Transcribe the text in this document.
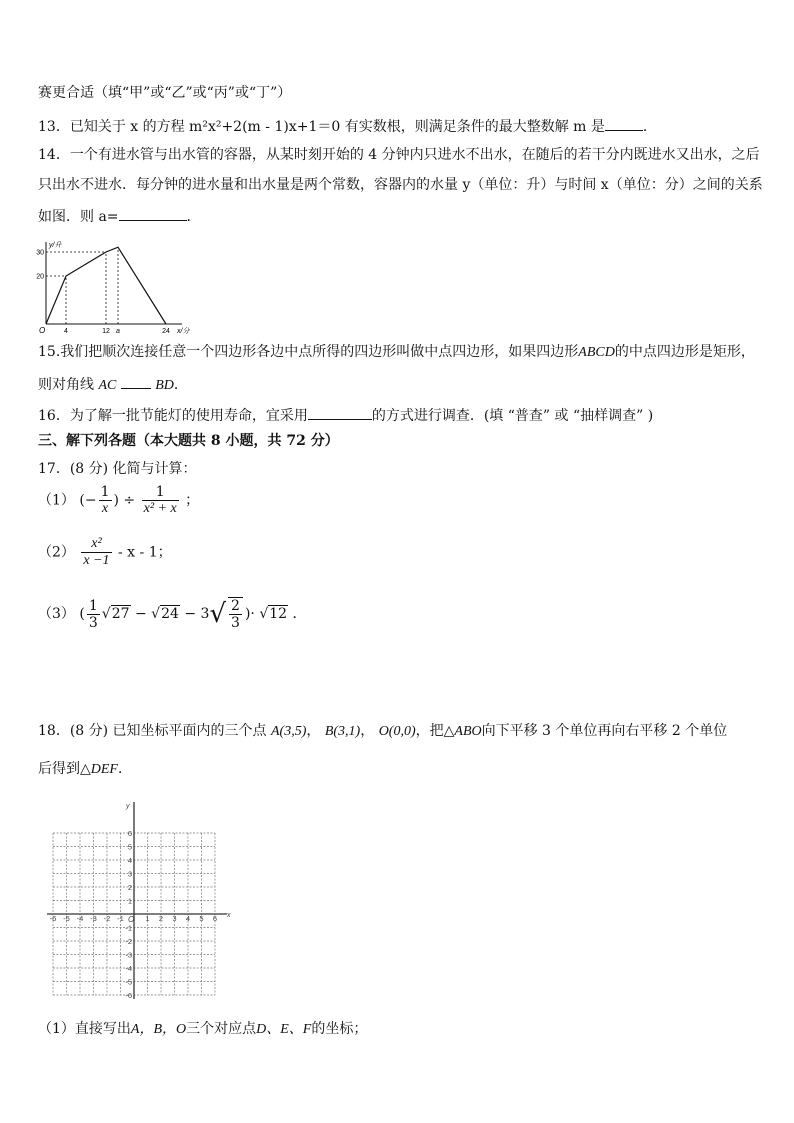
赛更合适（填“甲”或“乙”或“丙”或“丁”）
13．已知关于 x 的方程 m²x²+2(m - 1)x+1＝0 有实数根，则满足条件的最大整数解 m 是	．
14．一个有进水管与出水管的容器，从某时刻开始的 4 分钟内只进水不出水，在随后的若干分内既进水又出水，之后
只出水不进水．每分钟的进水量和出水量是两个常数，容器内的水量 y（单位：升）与时间 x（单位：分）之间的关系
如图．则 a=	．
x/分
y/升
O	4	12 a	24
20
30
15.我们把顺次连接任意一个四边形各边中点所得的四边形叫做中点四边形，如果四边形ABCD的中点四边形是矩形，
则对角线 AC	BD．
16．为了解一批节能灯的使用寿命，宜采用	的方式进行调查．(填 “普查” 或 “抽样调查” )
三、解下列各题（本大题共 8 小题，共 72 分）
17．(8 分) 化简与计算：
（1） (− $\frac{1}{x}$ ) ÷ $\frac{1}{\text{x² + x}}$ ；
$(2) \frac{\text{x²}}{x -1}$ - x - 1；
（3） ( $\frac{1}{3} √27 - √24 - 3√ \frac{2}{3}$ )· √12 ．
18．(8 分) 已知坐标平面内的三个点 A(3,5)， B(3,1)， O(0,0)，把△ABO向下平移 3 个单位再向右平移 2 个单位
后得到△DEF．
x
y
O
-6 -5 -4 -3 -2 -1	1 2 3 4 5 6
6
5
4
3
2
1
-1
-2
-3
-4
-5
-6
（1）直接写出A，B，O三个对应点D、E、F的坐标；
